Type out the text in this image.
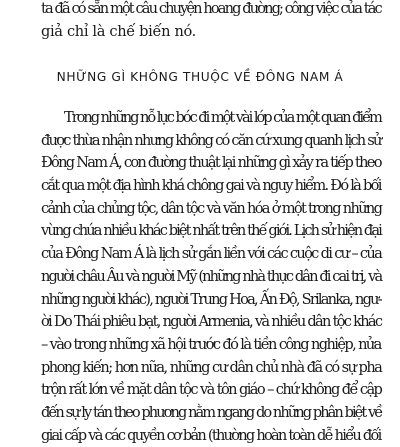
ta đã có sẵn một câu chuyện hoang đường; công việc của tác
giả chỉ là chế biến nó.
NHỮNG GÌ KHÔNG THUỘC VỀ ĐÔNG NAM Á
Trong những nỗ lực bóc đi một vài lớp của một quan điểm
được thừa nhận nhưng không có căn cứ xung quanh lịch sử
Đông Nam Á, con đường thuật lại những gì xảy ra tiếp theo
cắt qua một địa hình khá chông gai và nguy hiểm. Đó là bối
cảnh của chủng tộc, dân tộc và văn hóa ở một trong những
vùng chứa nhiều khác biệt nhất trên thế giới. Lịch sử hiện đại
của Đông Nam Á là lịch sử gắn liền với các cuộc di cư – của
người châu Âu và người Mỹ (những nhà thực dân đi cai trị, và
những người khác), người Trung Hoa, Ấn Độ, Srilanka, ngư-
ời Do Thái phiêu bạt, người Armenia, và nhiều dân tộc khác
– vào trong những xã hội trước đó là tiền công nghiệp, nửa
phong kiến; hơn nữa, những cư dân chủ nhà đã có sự pha
trộn rất lớn về mặt dân tộc và tôn giáo – chứ không để cập
đến sự ly tán theo phương nằm ngang do những phân biệt về
giai cấp và các quyền cơ bản (thường hoàn toàn dễ hiểu đối
